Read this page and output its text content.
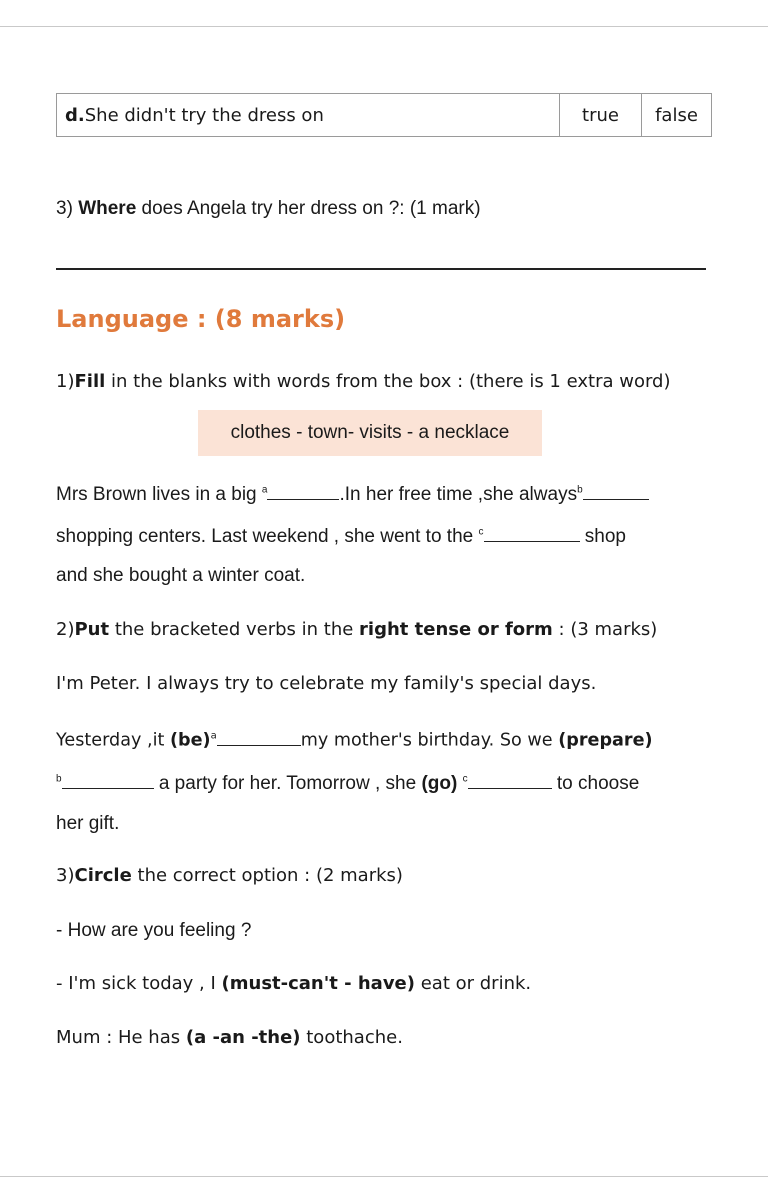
d. She didn't try the dress on	true	false
3) Where does Angela try her dress on ?: (1 mark)
Language : (8 marks)
1)Fill in the blanks with words from the box : (there is 1 extra word)
clothes - town- visits - a necklace
Mrs Brown lives in a big $^a$	.In her free time ,she always$^b$
shopping centers. Last weekend , she went to the $^c$	shop
and she bought a winter coat.
2)Put the bracketed verbs in the right tense or form : (3 marks)
I'm Peter. I always try to celebrate my family's special days.
Yesterday ,it (be)$^a$	my mother's birthday. So we (prepare)
$^b$	a party for her. Tomorrow , she (go) $^c$	to choose
her gift.
3)Circle the correct option : (2 marks)
- How are you feeling ?
- I'm sick today , I (must-can't - have) eat or drink.
Mum : He has (a -an -the) toothache.
